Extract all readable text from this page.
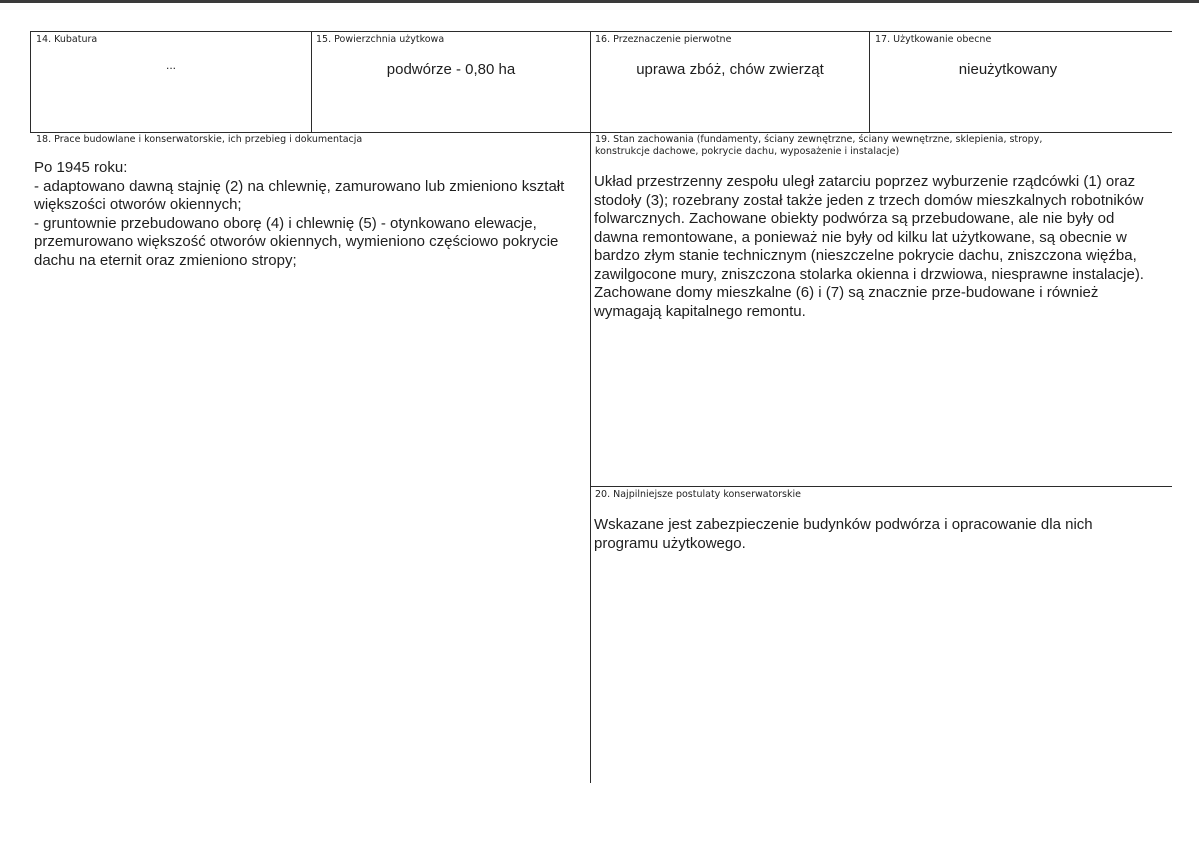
14. Kubatura
...
15. Powierzchnia użytkowa
podwórze - 0,80 ha
16. Przeznaczenie pierwotne
uprawa zbóż, chów zwierząt
17. Użytkowanie obecne
nieużytkowany
18. Prace budowlane i konserwatorskie, ich przebieg i dokumentacja

Po 1945 roku:

- adaptowano dawną stajnię (2) na chlewnię, zamurowano lub zmieniono kształt większości otworów okiennych;

- gruntownie przebudowano oborę (4) i chlewnię (5) - otynkowano elewacje, przemurowano większość otworów okiennych, wymieniono częściowo pokrycie dachu na eternit oraz zmieniono stropy;

19. Stan zachowania (fundamenty, ściany zewnętrzne, ściany wewnętrzne, sklepienia, stropy, konstrukcje dachowe, pokrycie dachu, wyposażenie i instalacje)
Układ przestrzenny zespołu uległ zatarciu poprzez wyburzenie rządcówki (1) oraz stodoły (3); rozebrany został także jeden z trzech domów mieszkalnych robotników folwarcznych. Zachowane obiekty podwórza są przebudowane, ale nie były od dawna remontowane, a ponieważ nie były od kilku lat użytkowane, są obecnie w bardzo złym stanie technicznym (nieszczelne pokrycie dachu, zniszczona więźba, zawilgocone mury, zniszczona stolarka okienna i drzwiowa, niesprawne instalacje). Zachowane domy mieszkalne (6) i (7) są znacznie prze-budowane i również wymagają kapitalnego remontu.
20. Najpilniejsze postulaty konserwatorskie
Wskazane jest zabezpieczenie budynków podwórza i opracowanie dla nich programu użytkowego.
